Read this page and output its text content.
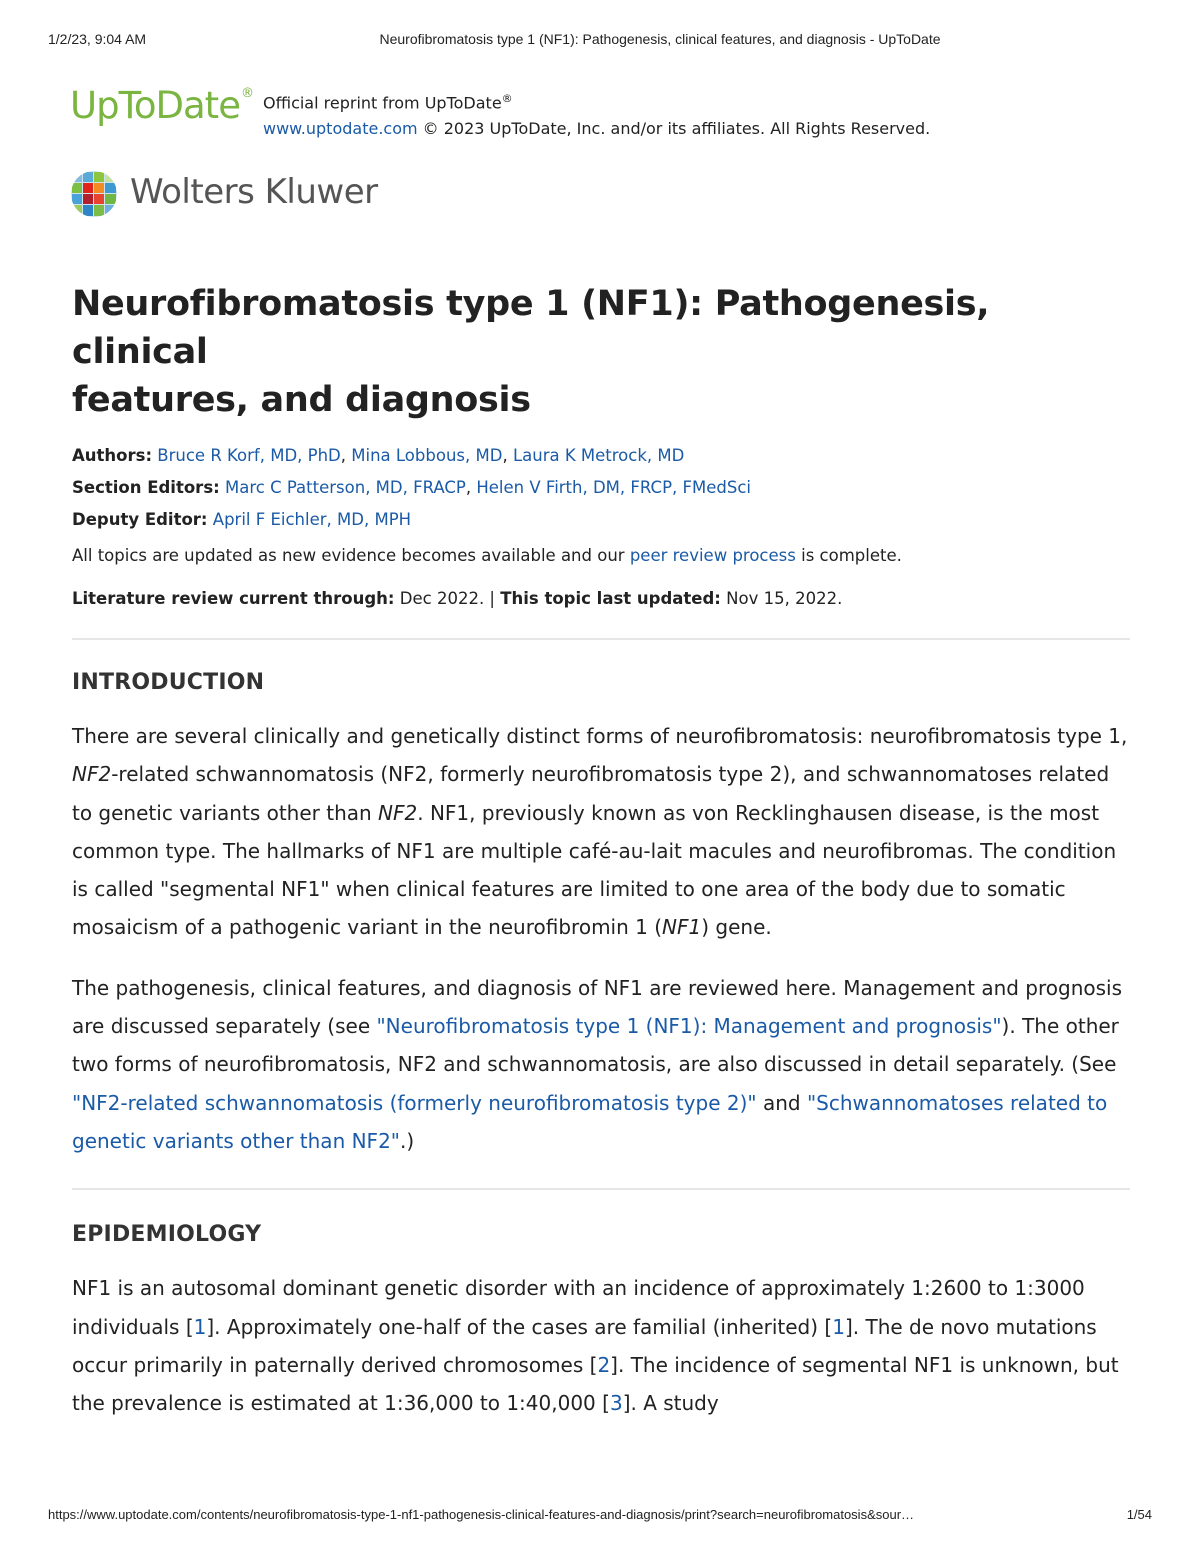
1/2/23, 9:04 AM	Neurofibromatosis type 1 (NF1): Pathogenesis, clinical features, and diagnosis - UpToDate
UpToDate® Official reprint from UpToDate®
www.uptodate.com © 2023 UpToDate, Inc. and/or its affiliates. All Rights Reserved.
Wolters Kluwer
Neurofibromatosis type 1 (NF1): Pathogenesis, clinical
features, and diagnosis
Authors: Bruce R Korf, MD, PhD, Mina Lobbous, MD, Laura K Metrock, MD
Section Editors: Marc C Patterson, MD, FRACP, Helen V Firth, DM, FRCP, FMedSci
Deputy Editor: April F Eichler, MD, MPH
All topics are updated as new evidence becomes available and our peer review process is complete.
Literature review current through: Dec 2022. | This topic last updated: Nov 15, 2022.
INTRODUCTION

There are several clinically and genetically distinct forms of neurofibromatosis: neurofibromatosis type 1, NF2-related schwannomatosis (NF2, formerly neurofibromatosis type 2), and schwannomatoses related to genetic variants other than NF2. NF1, previously known as von Recklinghausen disease, is the most common type. The hallmarks of NF1 are multiple café-au-lait macules and neurofibromas. The condition is called "segmental NF1" when clinical features are limited to one area of the body due to somatic mosaicism of a pathogenic variant in the neurofibromin 1 (NF1) gene.

The pathogenesis, clinical features, and diagnosis of NF1 are reviewed here. Management and prognosis are discussed separately (see "Neurofibromatosis type 1 (NF1): Management and prognosis"). The other two forms of neurofibromatosis, NF2 and schwannomatosis, are also discussed in detail separately. (See "NF2-related schwannomatosis (formerly neurofibromatosis type 2)" and "Schwannomatoses related to genetic variants other than NF2".)

EPIDEMIOLOGY

NF1 is an autosomal dominant genetic disorder with an incidence of approximately 1:2600 to 1:3000 individuals [1]. Approximately one-half of the cases are familial (inherited) [1]. The de novo mutations occur primarily in paternally derived chromosomes [2]. The incidence of segmental NF1 is unknown, but the prevalence is estimated at 1:36,000 to 1:40,000 [3]. A study

https://www.uptodate.com/contents/neurofibromatosis-type-1-nf1-pathogenesis-clinical-features-and-diagnosis/print?search=neurofibromatosis&sour…	1/54
